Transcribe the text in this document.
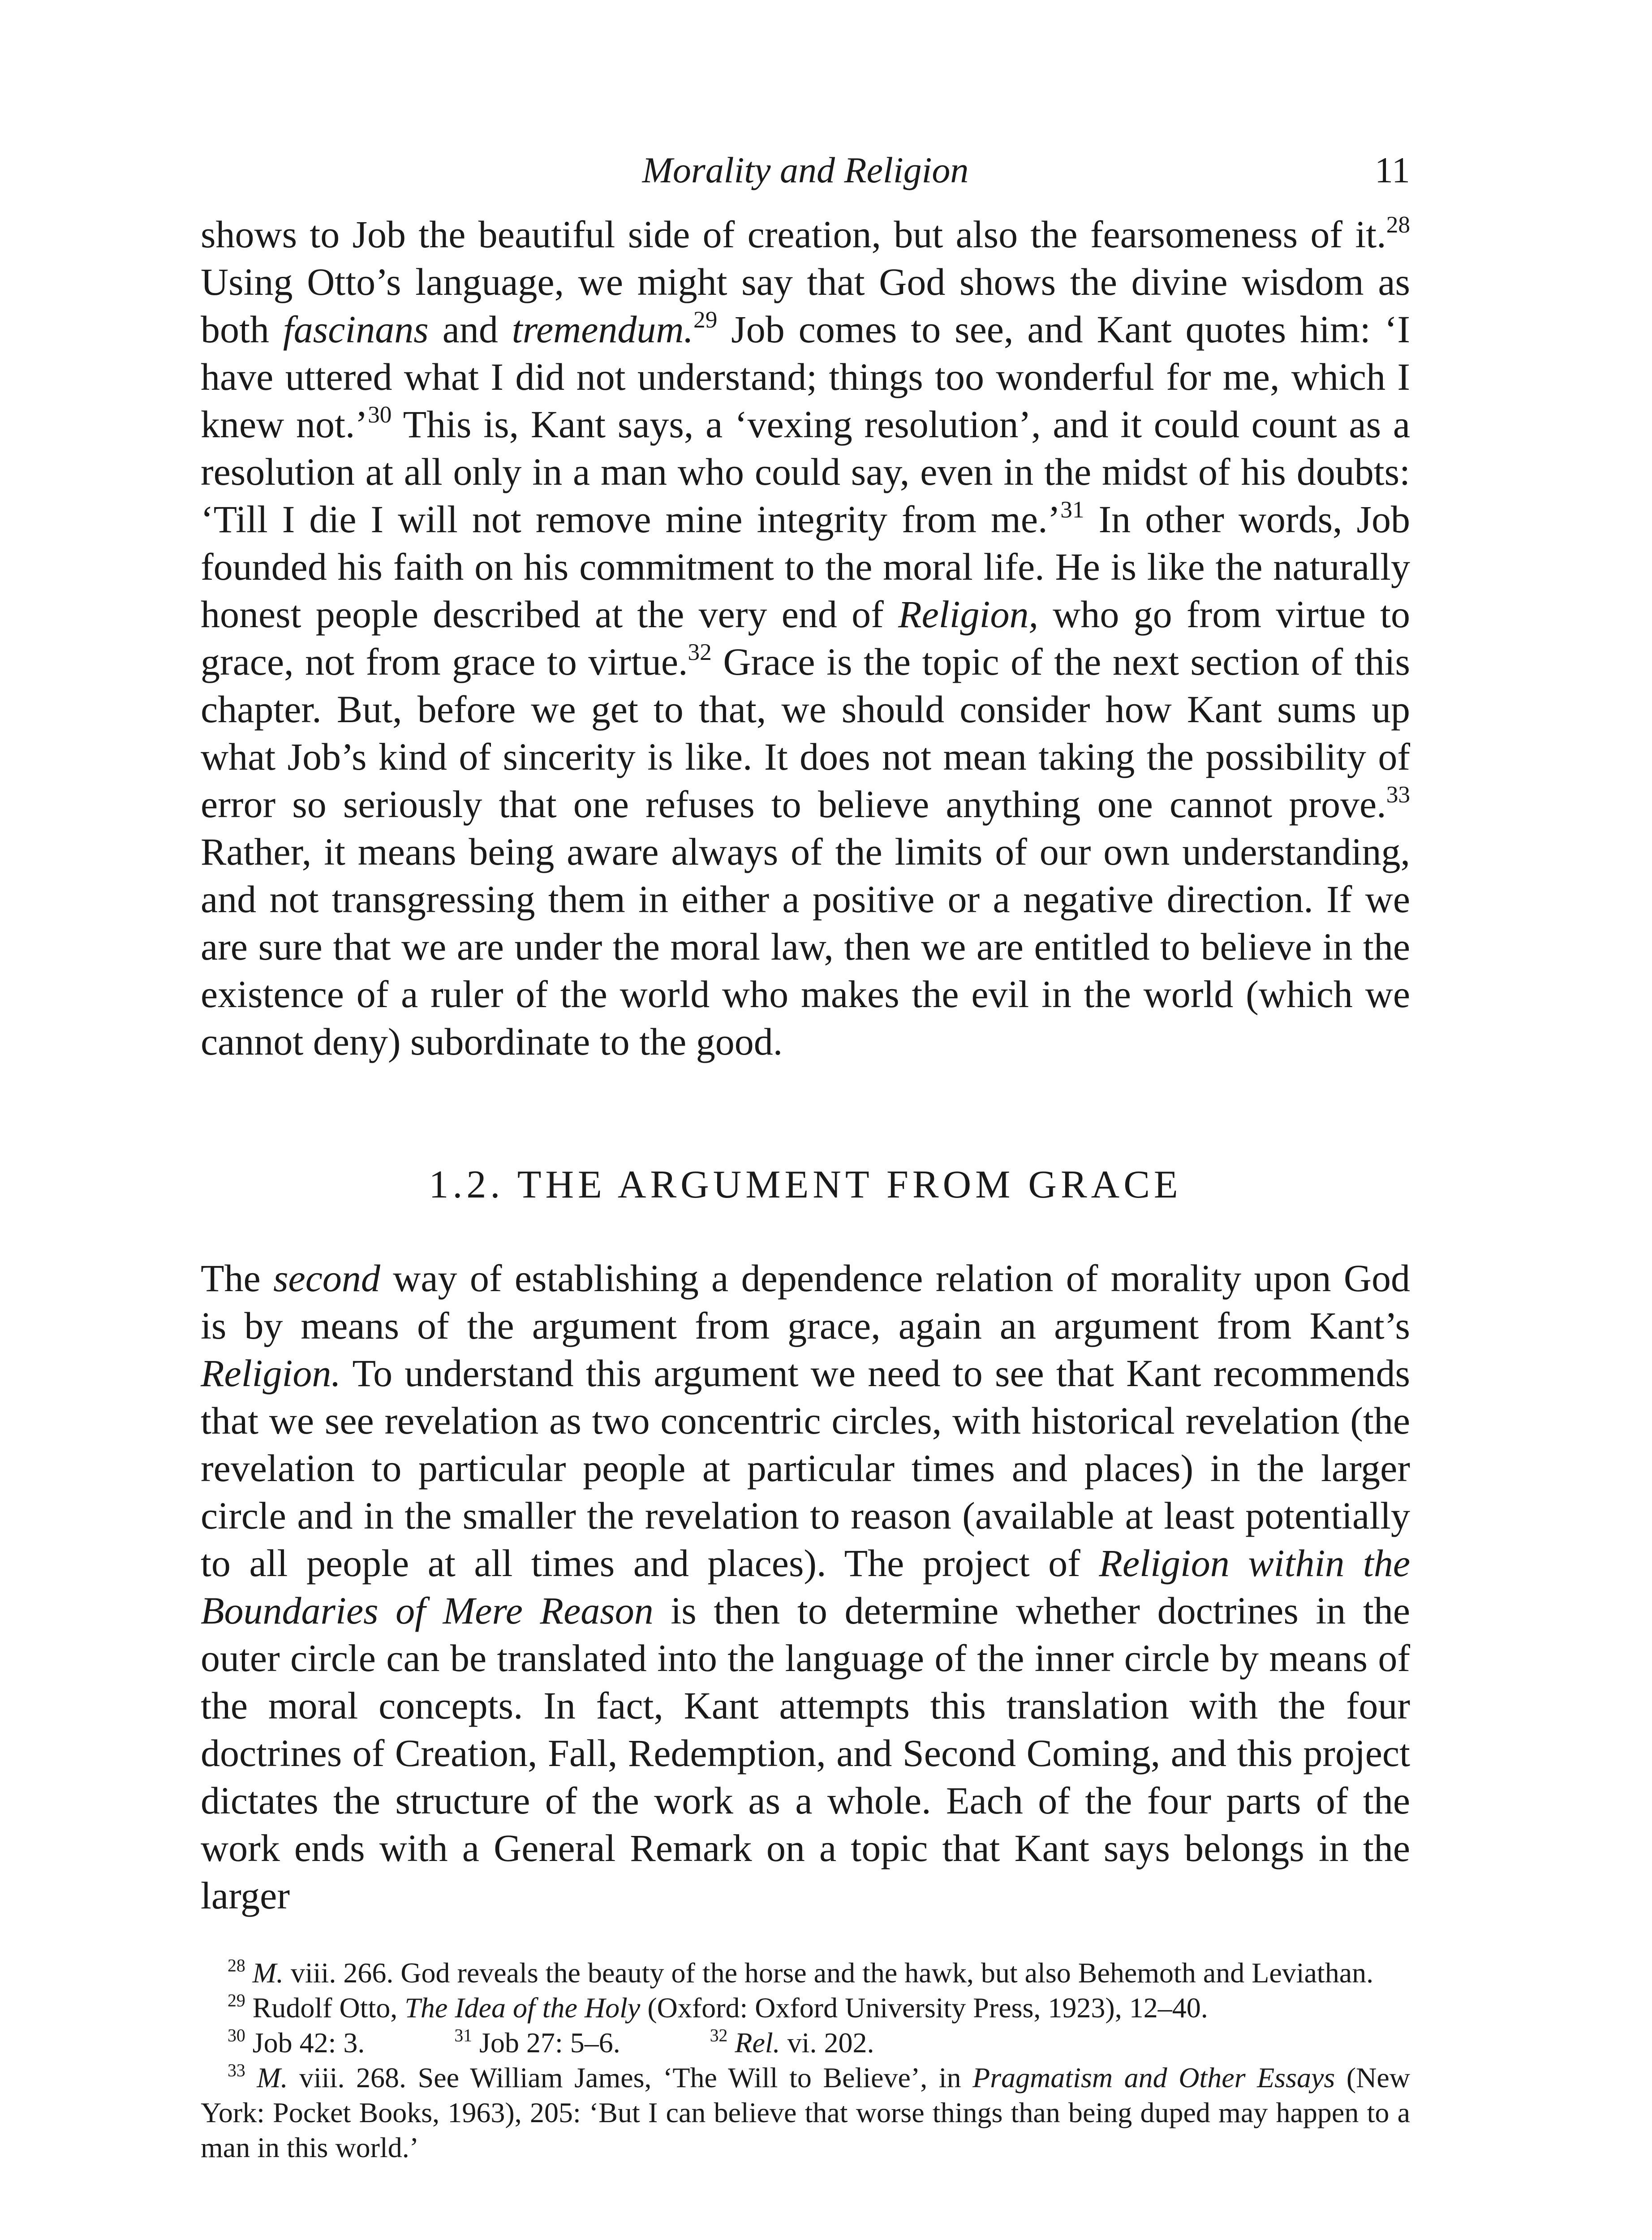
Morality and Religion	11

shows to Job the beautiful side of creation, but also the fearsomeness of it.$^{28}$ Using Otto’s language, we might say that God shows the divine wisdom as both fascinans and tremendum.$^{29}$ Job comes to see, and Kant quotes him: ‘I have uttered what I did not understand; things too wonderful for me, which I knew not.’$^{30}$ This is, Kant says, a ‘vexing resolution’, and it could count as a resolution at all only in a man who could say, even in the midst of his doubts: ‘Till I die I will not remove mine integrity from me.’$^{31}$ In other words, Job founded his faith on his commitment to the moral life. He is like the naturally honest people described at the very end of Religion, who go from virtue to grace, not from grace to virtue.$^{32}$ Grace is the topic of the next section of this chapter. But, before we get to that, we should consider how Kant sums up what Job’s kind of sincerity is like. It does not mean taking the possibility of error so seriously that one refuses to believe anything one cannot prove.$^{33}$ Rather, it means being aware always of the limits of our own understanding, and not transgressing them in either a positive or a negative direction. If we are sure that we are under the moral law, then we are entitled to believe in the existence of a ruler of the world who makes the evil in the world (which we cannot deny) subordinate to the good.

1.2. THE ARGUMENT FROM GRACE

The second way of establishing a dependence relation of morality upon God is by means of the argument from grace, again an argument from Kant’s Religion. To understand this argument we need to see that Kant recommends that we see revelation as two concentric circles, with historical revelation (the revelation to particular people at particular times and places) in the larger circle and in the smaller the revelation to reason (available at least potentially to all people at all times and places). The project of Religion within the Boundaries of Mere Reason is then to determine whether doctrines in the outer circle can be translated into the language of the inner circle by means of the moral concepts. In fact, Kant attempts this translation with the four doctrines of Creation, Fall, Redemption, and Second Coming, and this project dictates the structure of the work as a whole. Each of the four parts of the work ends with a General Remark on a topic that Kant says belongs in the larger

$^{28}$ M. viii. 266. God reveals the beauty of the horse and the hawk, but also Behemoth and Leviathan.

$^{29}$ Rudolf Otto, The Idea of the Holy (Oxford: Oxford University Press, 1923), 12–40.

$^{30}$ Job 42: 3.	$^{31}$ Job 27: 5–6.	$^{32}$ Rel. vi. 202.

$^{33}$ M. viii. 268. See William James, ‘The Will to Believe’, in Pragmatism and Other Essays (New York: Pocket Books, 1963), 205: ‘But I can believe that worse things than being duped may happen to a man in this world.’
